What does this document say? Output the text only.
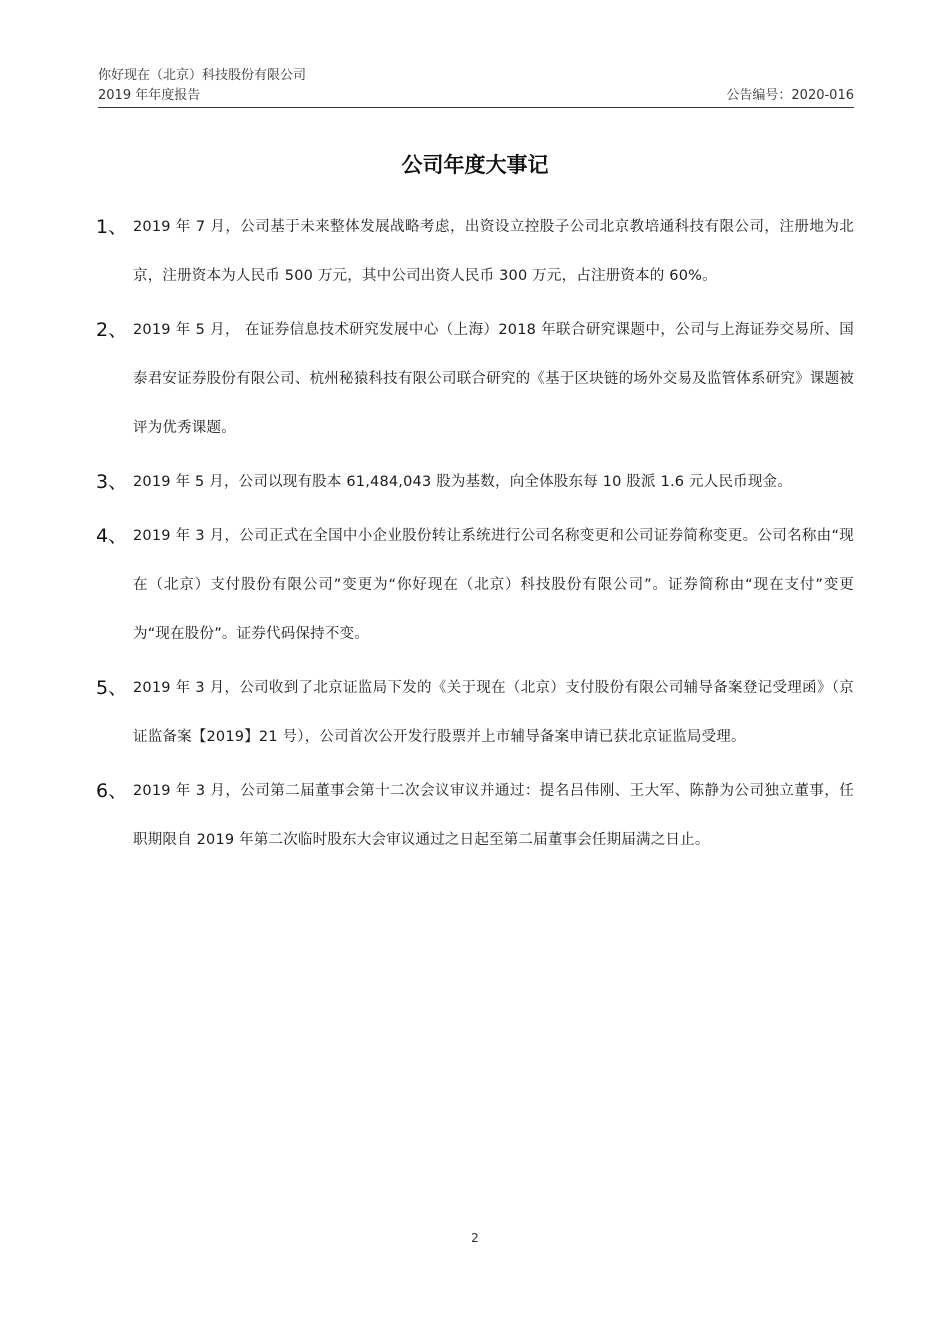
你好现在（北京）科技股份有限公司
2019 年年度报告	公告编号：2020-016
公司年度大事记
1、 2019 年 7 月，公司基于未来整体发展战略考虑，出资设立控股子公司北京教培通科技有限公司，注册地为北京，注册资本为人民币 500 万元，其中公司出资人民币 300 万元，占注册资本的 60%。
2、 2019 年 5 月， 在证券信息技术研究发展中心（上海）2018 年联合研究课题中，公司与上海证券交易所、国泰君安证券股份有限公司、杭州秘猿科技有限公司联合研究的《基于区块链的场外交易及监管体系研究》课题被评为优秀课题。
3、 2019 年 5 月，公司以现有股本 61,484,043 股为基数，向全体股东每 10 股派 1.6 元人民币现金。
4、 2019 年 3 月，公司正式在全国中小企业股份转让系统进行公司名称变更和公司证券简称变更。公司名称由“现在（北京）支付股份有限公司”变更为“你好现在（北京）科技股份有限公司”。证券简称由“现在支付”变更为“现在股份”。证券代码保持不变。
5、 2019 年 3 月，公司收到了北京证监局下发的《关于现在（北京）支付股份有限公司辅导备案登记受理函》（京证监备案【2019】21 号），公司首次公开发行股票并上市辅导备案申请已获北京证监局受理。
6、 2019 年 3 月，公司第二届董事会第十二次会议审议并通过：提名吕伟刚、王大军、陈静为公司独立董事，任职期限自 2019 年第二次临时股东大会审议通过之日起至第二届董事会任期届满之日止。
2
